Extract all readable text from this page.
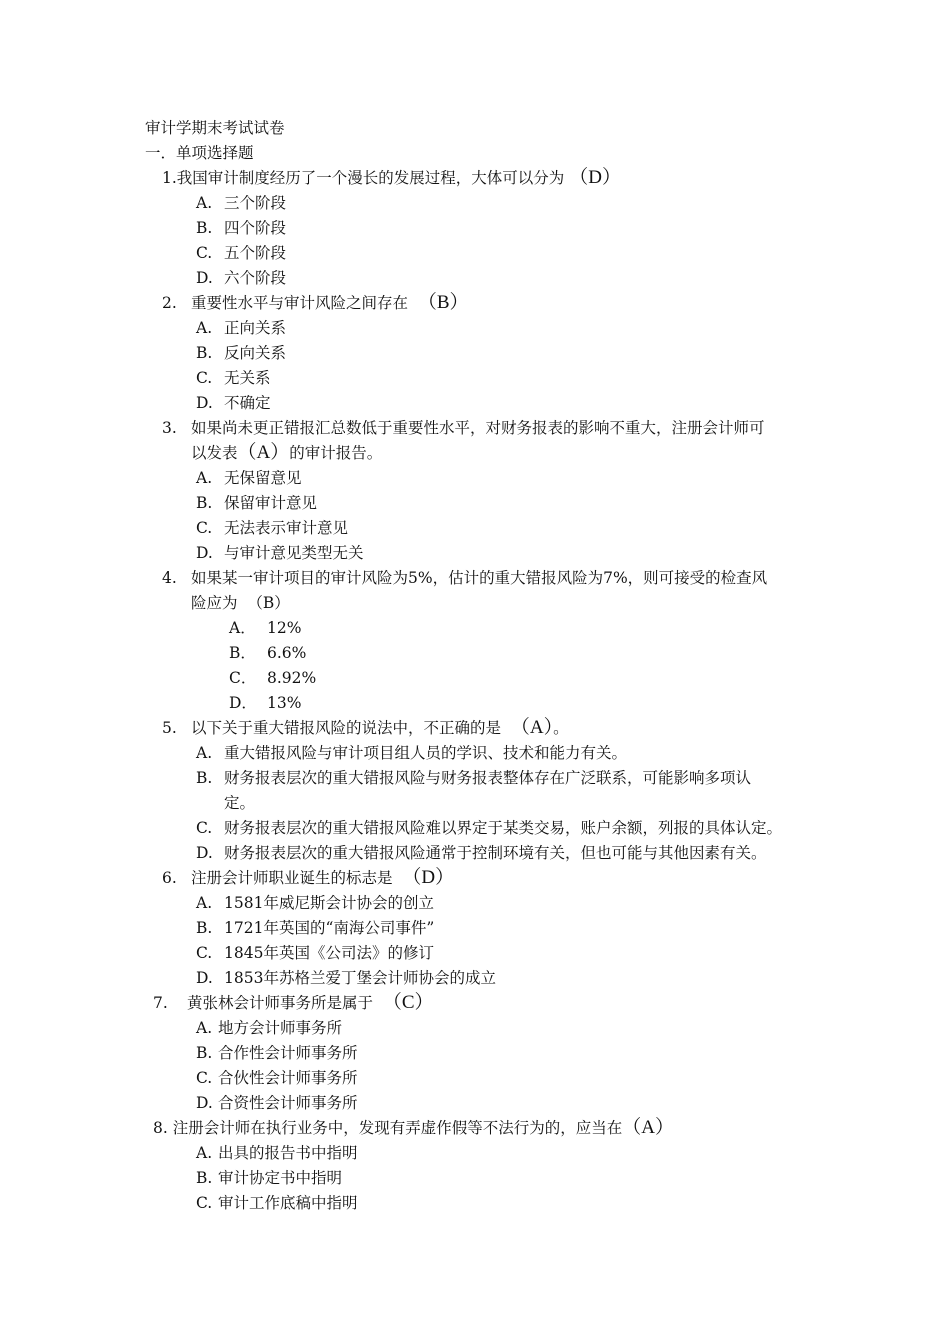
审计学期末考试试卷
一．单项选择题
1.我国审计制度经历了一个漫长的发展过程，大体可以分为 （D）
A. 三个阶段
B. 四个阶段
C. 五个阶段
D. 六个阶段
2. 重要性水平与审计风险之间存在 （B）
A. 正向关系
B. 反向关系
C. 无关系
D. 不确定
3. 如果尚未更正错报汇总数低于重要性水平，对财务报表的影响不重大，注册会计师可
以发表（A）的审计报告。
A. 无保留意见
B. 保留审计意见
C. 无法表示审计意见
D. 与审计意见类型无关
4. 如果某一审计项目的审计风险为5%，估计的重大错报风险为7%，则可接受的检查风
险应为 （B）
A． 12%
B． 6.6%
C． 8.92%
D． 13%
5. 以下关于重大错报风险的说法中，不正确的是 （A）。
A. 重大错报风险与审计项目组人员的学识、技术和能力有关。
B. 财务报表层次的重大错报风险与财务报表整体存在广泛联系，可能影响多项认
定。
C. 财务报表层次的重大错报风险难以界定于某类交易，账户余额，列报的具体认定。
D. 财务报表层次的重大错报风险通常于控制环境有关，但也可能与其他因素有关。
6. 注册会计师职业诞生的标志是 （D）
A. 1581年威尼斯会计协会的创立
B. 1721年英国的“南海公司事件”
C. 1845年英国《公司法》的修订
D. 1853年苏格兰爱丁堡会计师协会的成立
7. 黄张林会计师事务所是属于 （C）
A. 地方会计师事务所
B. 合作性会计师事务所
C. 合伙性会计师事务所
D. 合资性会计师事务所
8. 注册会计师在执行业务中，发现有弄虚作假等不法行为的，应当在（A）
A. 出具的报告书中指明
B. 审计协定书中指明
C. 审计工作底稿中指明
